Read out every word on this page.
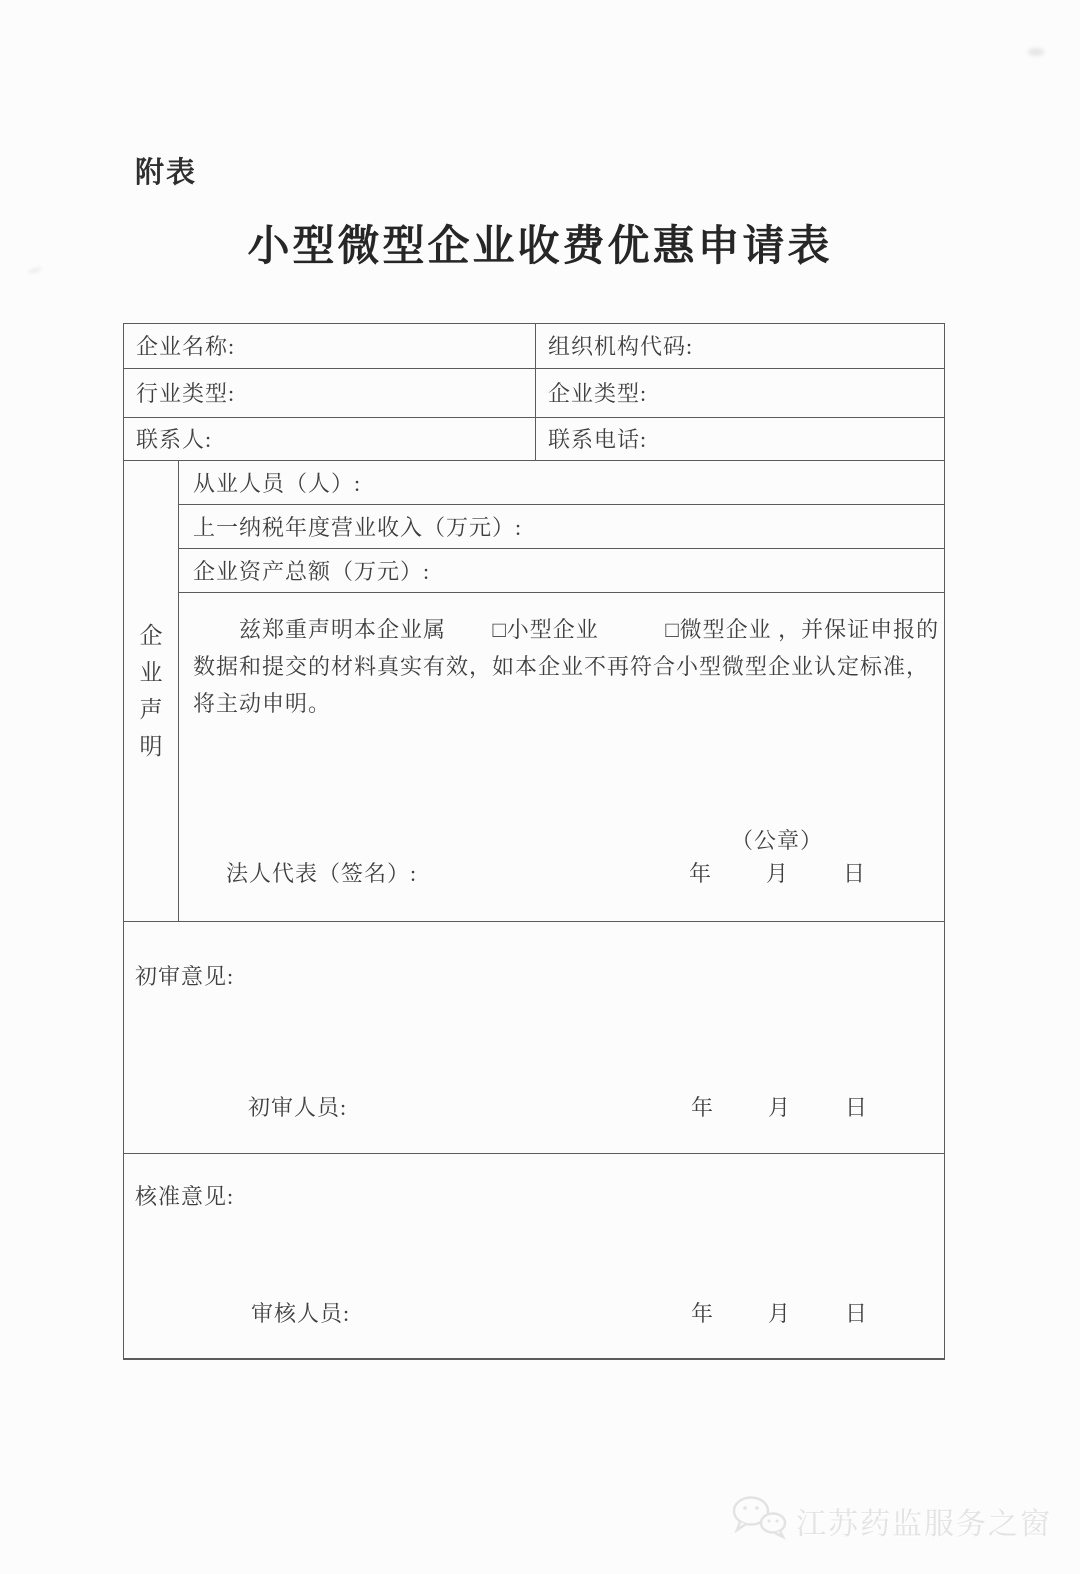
附表
小型微型企业收费优惠申请表
企业名称:	组织机构代码:
行业类型:	企业类型:
联系人:	联系电话:
企业声明
从业人员（人）:
上一纳税年度营业收入（万元）:
企业资产总额（万元）:
兹郑重声明本企业属 □小型企业	□微型企业 ，并保证申报的
数据和提交的材料真实有效，如本企业不再符合小型微型企业认定标准，
将主动申明。
法人代表（签名）:
（公章）
年	月	日
初审意见:
初审人员:	年	月	日
核准意见:
审核人员:	年	月	日
江苏药监服务之窗
